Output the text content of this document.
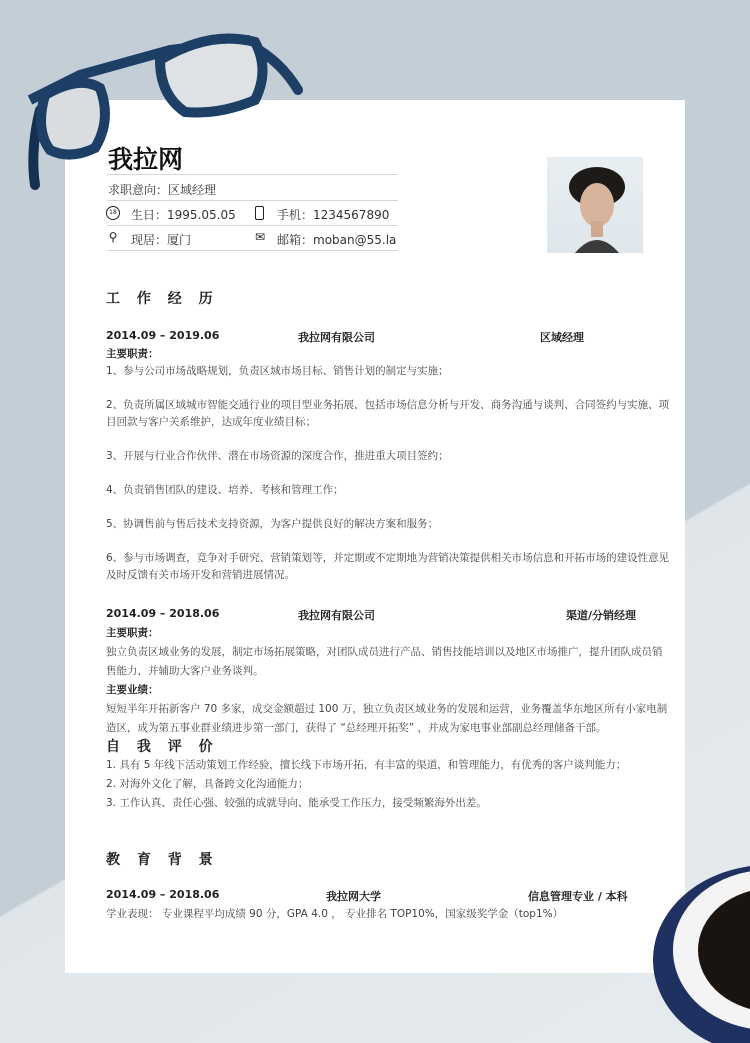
我拉网
求职意向：区域经理
18 生日：1995.05.05	手机：1234567890
⚲ 现居：厦门	✉ 邮箱：moban@55.la
工 作 经 历
2014.09 – 2019.06	我拉网有限公司	区域经理
主要职责：
1、参与公司市场战略规划，负责区域市场目标、销售计划的制定与实施；
2、负责所属区域城市智能交通行业的项目型业务拓展，包括市场信息分析与开发、商务沟通与谈判、合同签约与实施、项目回款与客户关系维护，达成年度业绩目标；
3、开展与行业合作伙伴、潜在市场资源的深度合作，推进重大项目签约；
4、负责销售团队的建设、培养、考核和管理工作；
5、协调售前与售后技术支持资源，为客户提供良好的解决方案和服务；
6、参与市场调查，竞争对手研究、营销策划等，并定期或不定期地为营销决策提供相关市场信息和开拓市场的建设性意见及时反馈有关市场开发和营销进展情况。
2014.09 – 2018.06	我拉网有限公司	渠道/分销经理
主要职责：
独立负责区域业务的发展，制定市场拓展策略，对团队成员进行产品、销售技能培训以及地区市场推广，提升团队成员销售能力，并辅助大客户业务谈判。
主要业绩：
短短半年开拓新客户 70 多家，成交金额超过 100 万，独立负责区域业务的发展和运营，业务覆盖华东地区所有小家电制造区，成为第五事业群业绩进步第一部门，获得了 “总经理开拓奖” ，并成为家电事业部副总经理储备干部。
自 我 评 价
1. 具有 5 年线下活动策划工作经验，擅长线下市场开拓，有丰富的渠道，和管理能力，有优秀的客户谈判能力；
2. 对海外文化了解，具备跨文化沟通能力；
3. 工作认真、责任心强、较强的成就导向、能承受工作压力，接受频繁海外出差。
教 育 背 景
2014.09 – 2018.06	我拉网大学	信息管理专业 / 本科
学业表现： 专业课程平均成绩 90 分，GPA 4.0 ， 专业排名 TOP10%，国家级奖学金（top1%）
